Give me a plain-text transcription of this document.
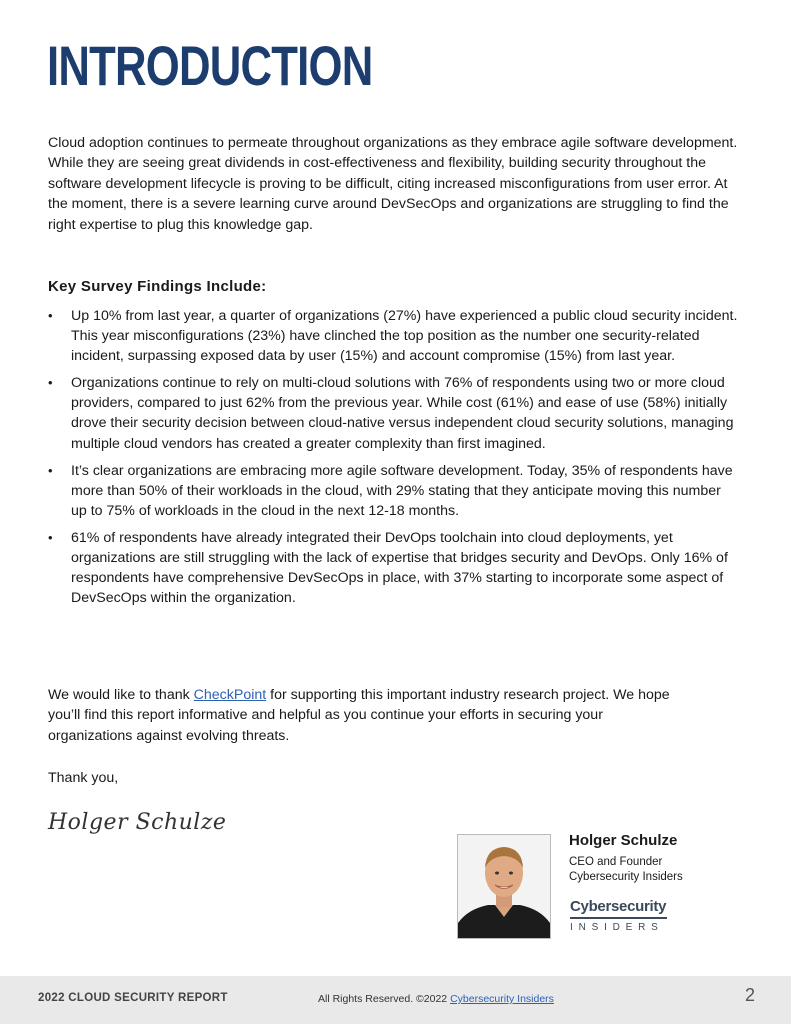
INTRODUCTION

Cloud adoption continues to permeate throughout organizations as they embrace agile software development. While they are seeing great dividends in cost-effectiveness and flexibility, building security throughout the software development lifecycle is proving to be difficult, citing increased misconfigurations from user error. At the moment, there is a severe learning curve around DevSecOps and organizations are struggling to find the right expertise to plug this knowledge gap.

Key Survey Findings Include:
• Up 10% from last year, a quarter of organizations (27%) have experienced a public cloud security incident. This year misconfigurations (23%) have clinched the top position as the number one security-related incident, surpassing exposed data by user (15%) and account compromise (15%) from last year.
• Organizations continue to rely on multi-cloud solutions with 76% of respondents using two or more cloud providers, compared to just 62% from the previous year. While cost (61%) and ease of use (58%) initially drove their security decision between cloud-native versus independent cloud security solutions, managing multiple cloud vendors has created a greater complexity than first imagined.
• It’s clear organizations are embracing more agile software development. Today, 35% of respondents have more than 50% of their workloads in the cloud, with 29% stating that they anticipate moving this number up to 75% of workloads in the cloud in the next 12-18 months.
• 61% of respondents have already integrated their DevOps toolchain into cloud deployments, yet organizations are still struggling with the lack of expertise that bridges security and DevOps. Only 16% of respondents have comprehensive DevSecOps in place, with 37% starting to incorporate some aspect of DevSecOps within the organization.

We would like to thank CheckPoint for supporting this important industry research project. We hope you’ll find this report informative and helpful as you continue your efforts in securing your organizations against evolving threats.

Thank you,

Holger Schulze

Holger Schulze

CEO and Founder
Cybersecurity Insiders

Cybersecurity
INSIDERS
2022 CLOUD SECURITY REPORT	All Rights Reserved. ©2022 Cybersecurity Insiders	2
